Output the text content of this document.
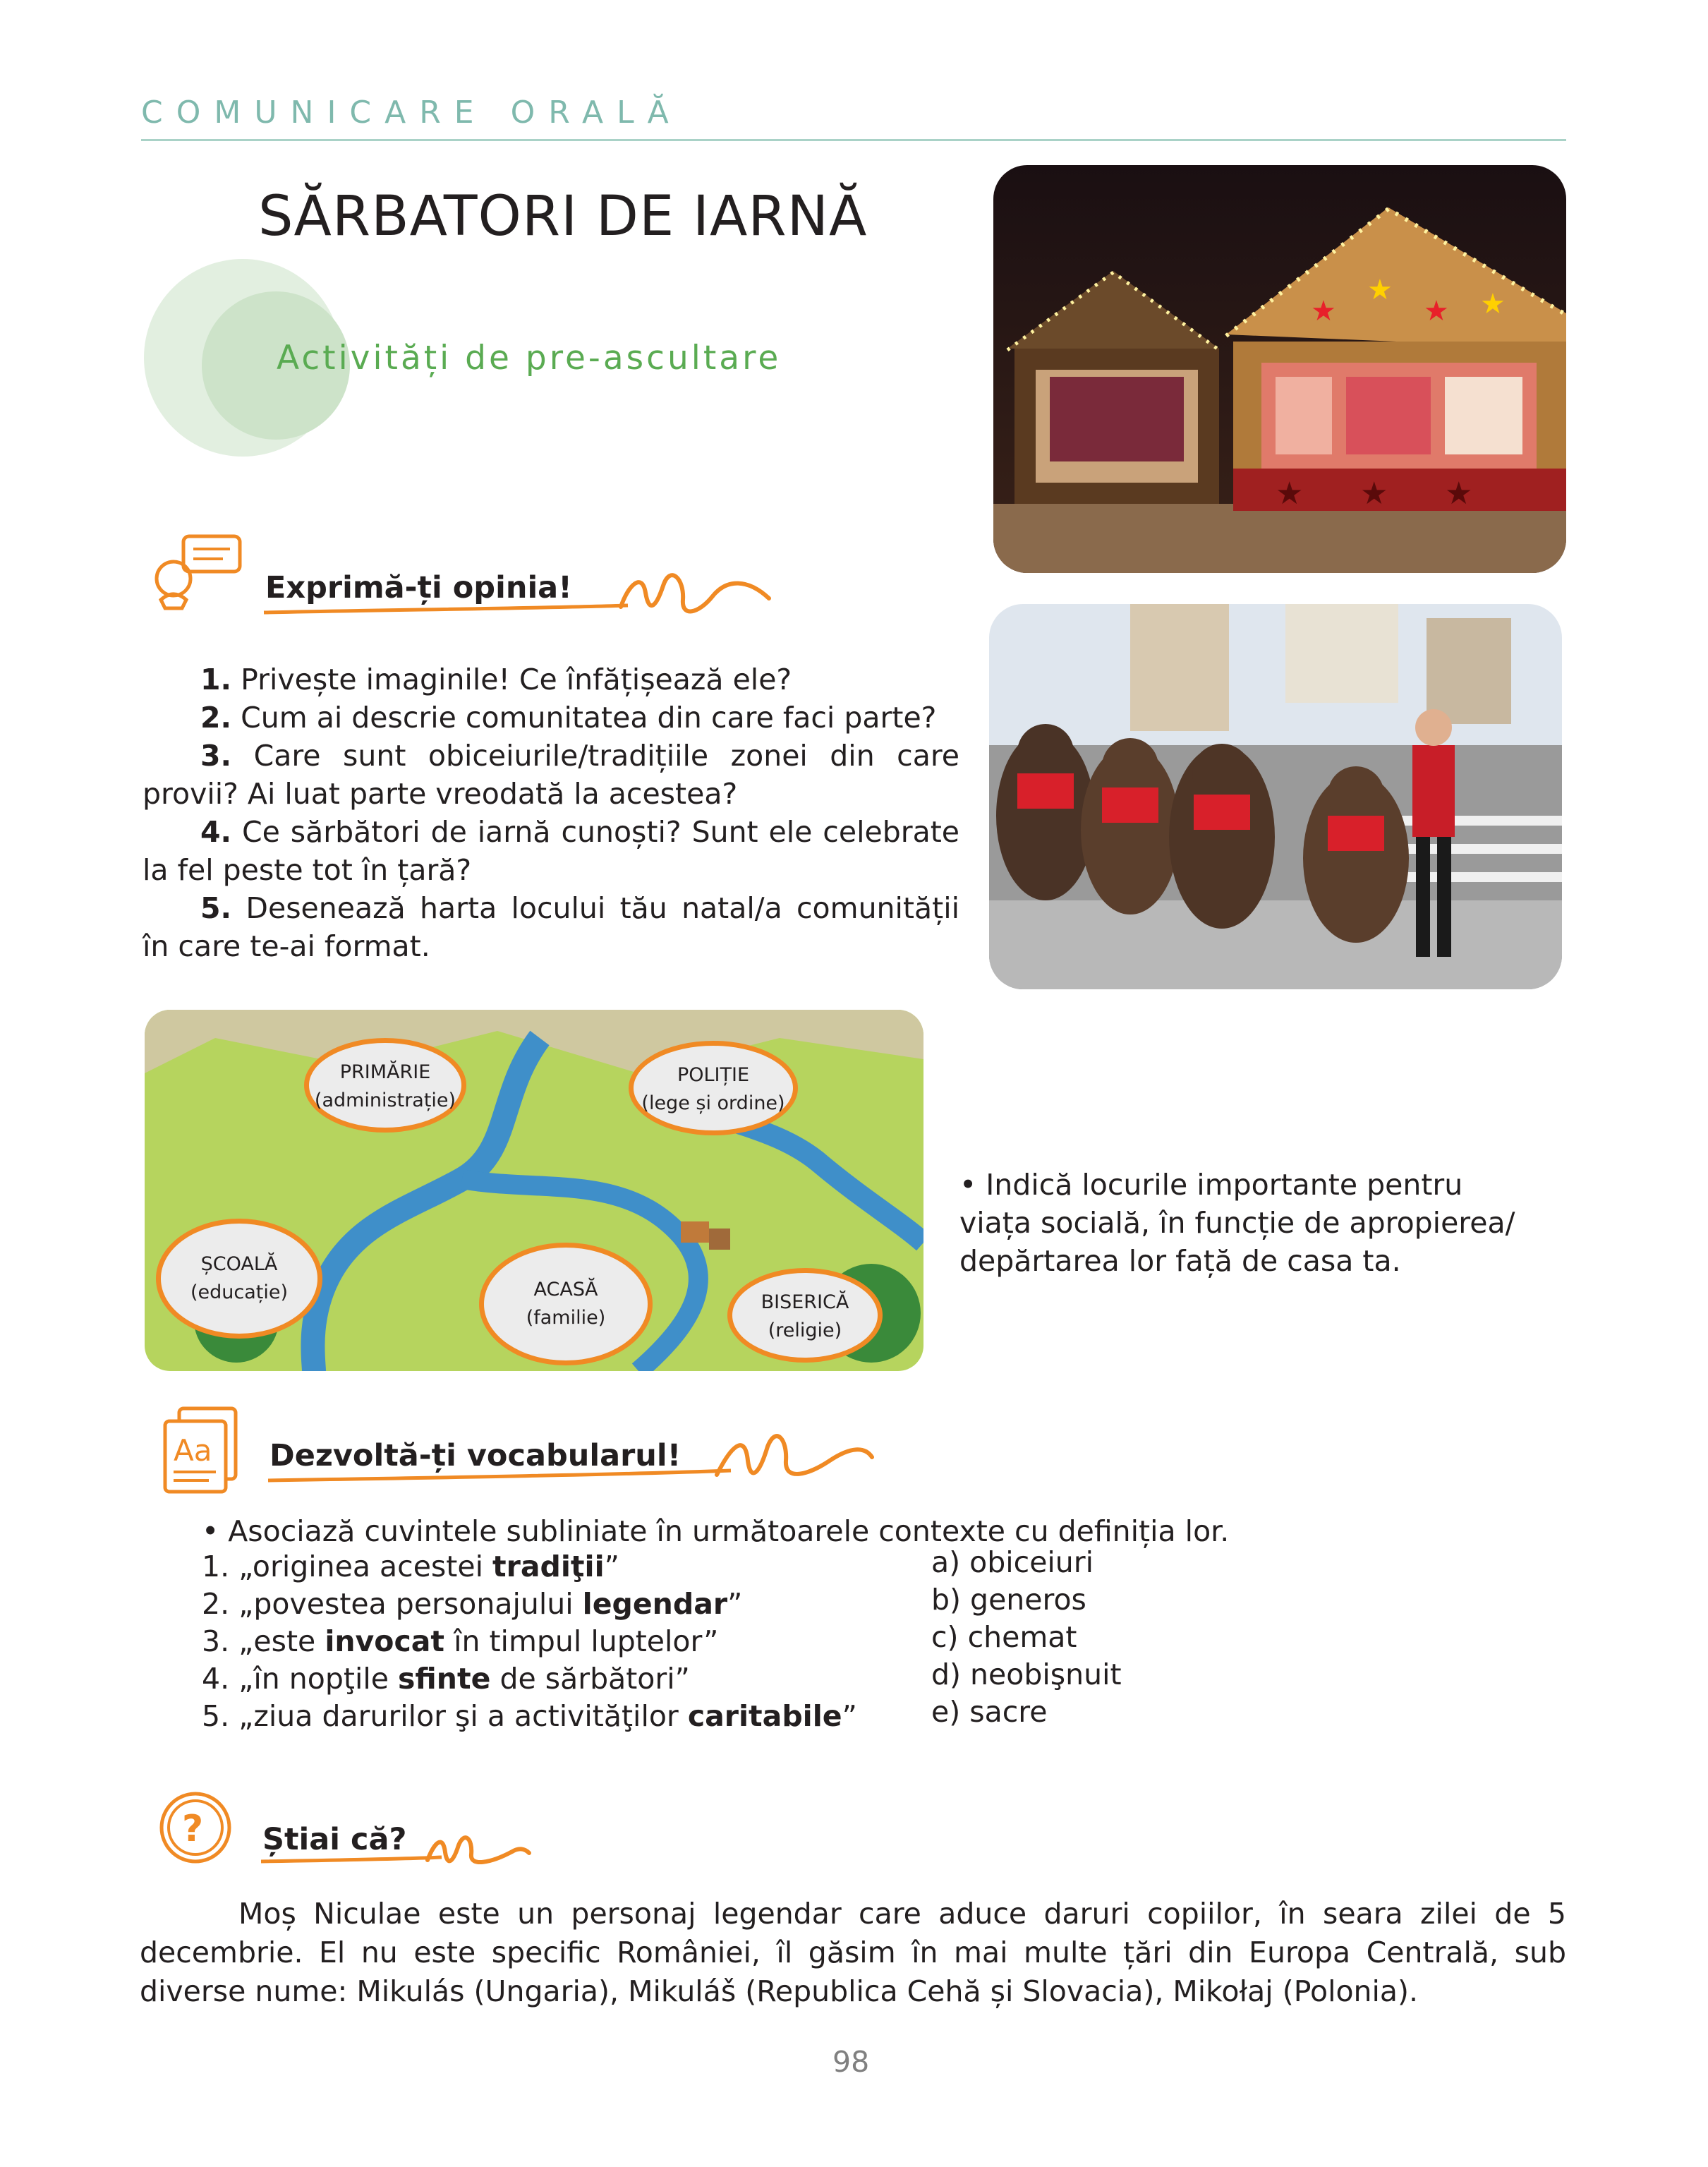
COMUNICARE ORALĂ
SĂRBATORI DE IARNĂ
Activități de pre-ascultare
★
★
★ ★
★ ★ ★
Exprimă-ți opinia!

1. Privește imaginile! Ce înfățișează ele?

2. Cum ai descrie comunitatea din care faci parte?

3. Care sunt obiceiurile/tradițiile zonei din care provii? Ai luat parte vreodată la acestea?

4. Ce sărbători de iarnă cunoști? Sunt ele celebrate la fel peste tot în țară?

5. Desenează harta locului tău natal/a comunității în care te-ai format.

PRIMĂRIE
(administrație)
POLIȚIE
(lege și ordine)
ȘCOALĂ
(educație)	ACASĂ
(familie)
BISERICĂ
(religie)
• Indică locurile importante pentru viața socială, în funcție de apropierea/ depărtarea lor față de casa ta.
Aa Dezvoltă-ți vocabularul!
• Asociază cuvintele subliniate în următoarele contexte cu definiția lor.
1. „originea acestei tradiţii”
2. „povestea personajului legendar”
3. „este invocat în timpul luptelor”
4. „în nopţile sfinte de sărbători”
5. „ziua darurilor şi a activităţilor caritabile”
a) obiceiuri
b) generos
c) chemat
d) neobişnuit
e) sacre
? Știai că?

Moș Niculae este un personaj legendar care aduce daruri copiilor, în seara zilei de 5 decembrie. El nu este specific României, îl găsim în mai multe țări din Europa Centrală, sub diverse nume: Mikulás (Ungaria), Mikuláš (Republica Cehă și Slovacia), Mikołaj (Polonia).

98
